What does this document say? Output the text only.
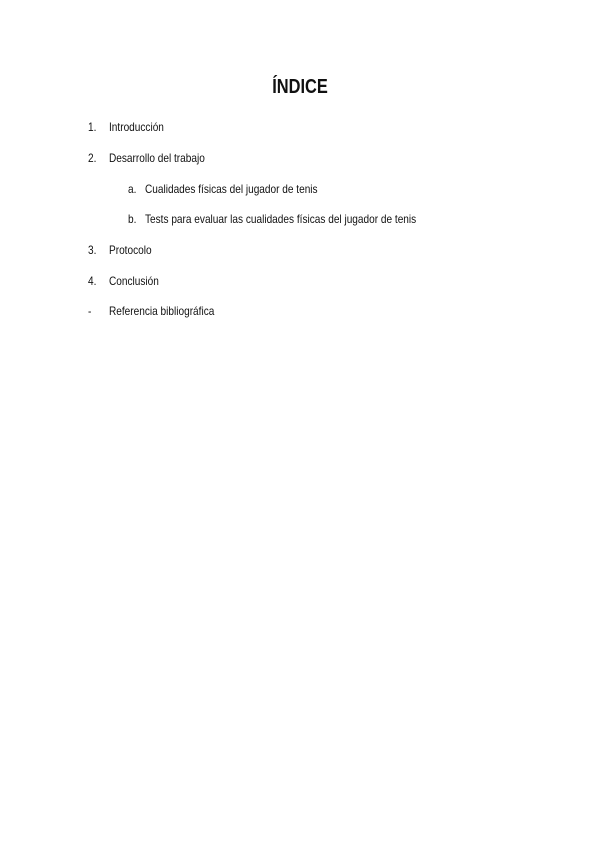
ÍNDICE
1. Introducción
2. Desarrollo del trabajo
a. Cualidades físicas del jugador de tenis
b. Tests para evaluar las cualidades físicas del jugador de tenis
3. Protocolo
4. Conclusión
- Referencia bibliográfica
